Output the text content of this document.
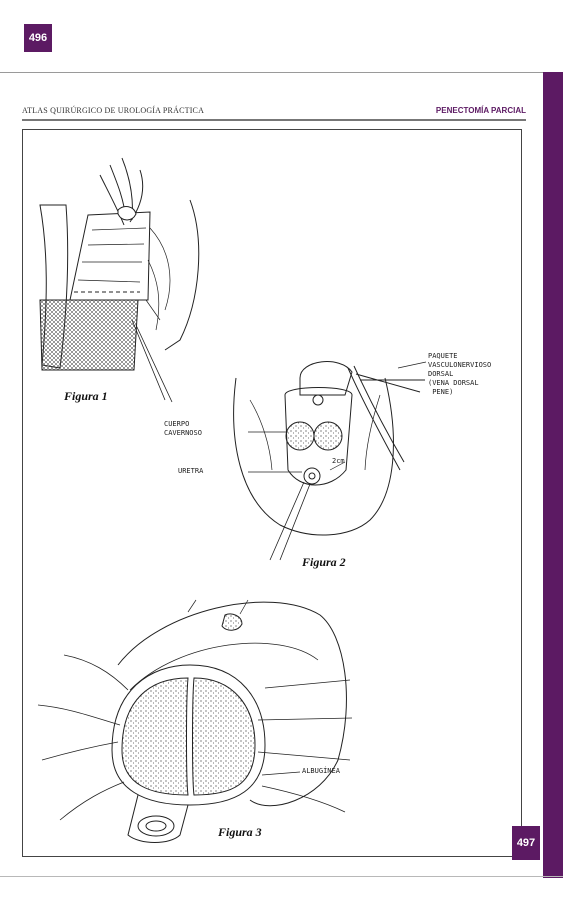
496
ATLAS QUIRÚRGICO DE UROLOGÍA PRÁCTICA	PENECTOMÍA PARCIAL
Figura 1
Figura 2
Figura 3
PAQUETE
VASCULONERVIOSO
DORSAL
(VENA DORSAL
PENE)
CUERPO
CAVERNOSO
URETRA
2cm
ALBUGÍNEA
497
